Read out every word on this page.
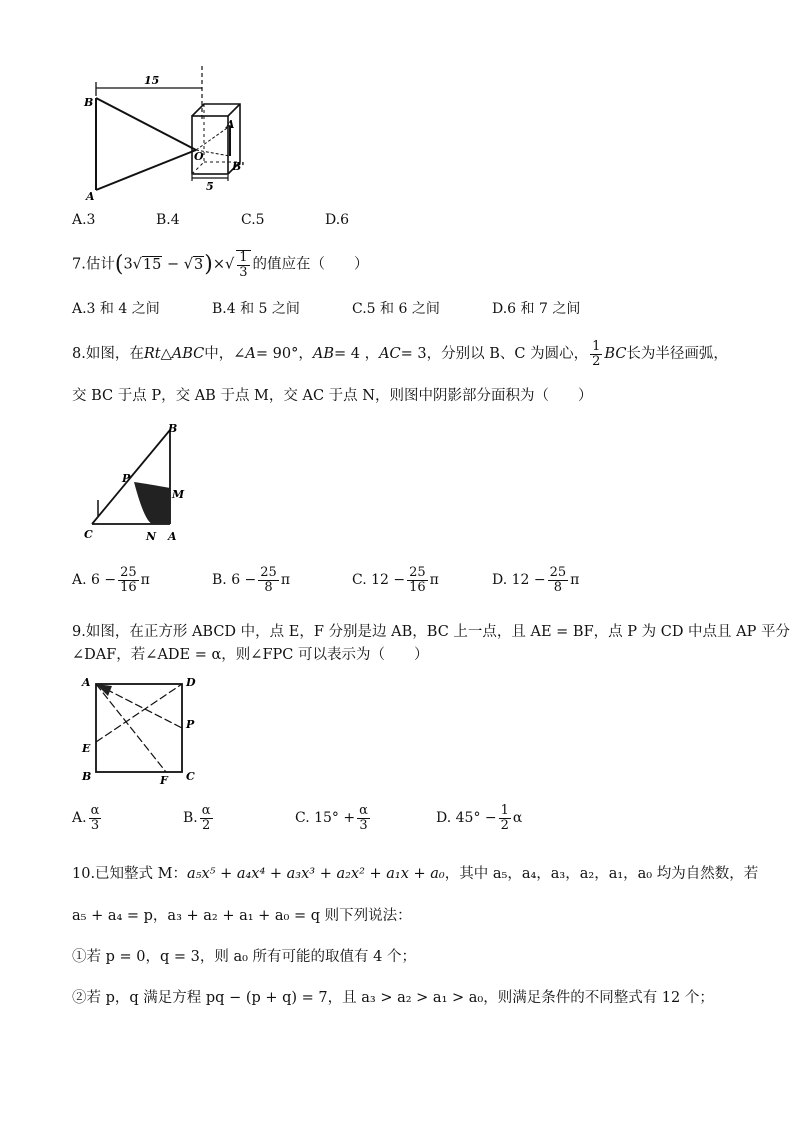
15
B
A
O
A
B'
5
A.3	B.4	C.5	D.6
7.估计$(3√15 - √3)\times√ \frac{1}{3}$ 的值应在（　　）
A.3 和 4 之间	B.4 和 5 之间	C.5 和 6 之间	D.6 和 7 之间
8.如图，在Rt△ABC中，∠A= 90°，AB= 4 ，AC= 3，分别以 B、C 为圆心， $\frac{1}{2}$ BC长为半径画弧，
交 BC 于点 P，交 AB 于点 M，交 AC 于点 N，则图中阴影部分面积为（　　）
B
P
M
C	N A
A. $6 - \frac{25}{16}$ π	B. $6 - \frac{25}{8}$ π	C. $12 - \frac{25}{16}$ π	D. $12 - \frac{25}{8}$ π
9.如图，在正方形 ABCD 中，点 E，F 分别是边 AB，BC 上一点，且 AE = BF，点 P 为 CD 中点且 AP 平分
∠DAF，若∠ADE = α，则∠FPC 可以表示为（　　）
A	D
P
E
B	F C
A. $\frac{\alpha}{3}$	B. $\frac{\alpha}{2}$	C. $15^\circ + \frac{\alpha}{3}$	D. $45^\circ - \frac{1}{2}$ α
10.已知整式 M：a₅x⁵ + a₄x⁴ + a₃x³ + a₂x² + a₁x + a₀，其中 a₅，a₄，a₃，a₂，a₁，a₀ 均为自然数，若
a₅ + a₄ = p，a₃ + a₂ + a₁ + a₀ = q 则下列说法：
①若 p = 0，q = 3，则 a₀ 所有可能的取值有 4 个；
②若 p，q 满足方程 pq − (p + q) = 7，且 a₃ > a₂ > a₁ > a₀，则满足条件的不同整式有 12 个；
